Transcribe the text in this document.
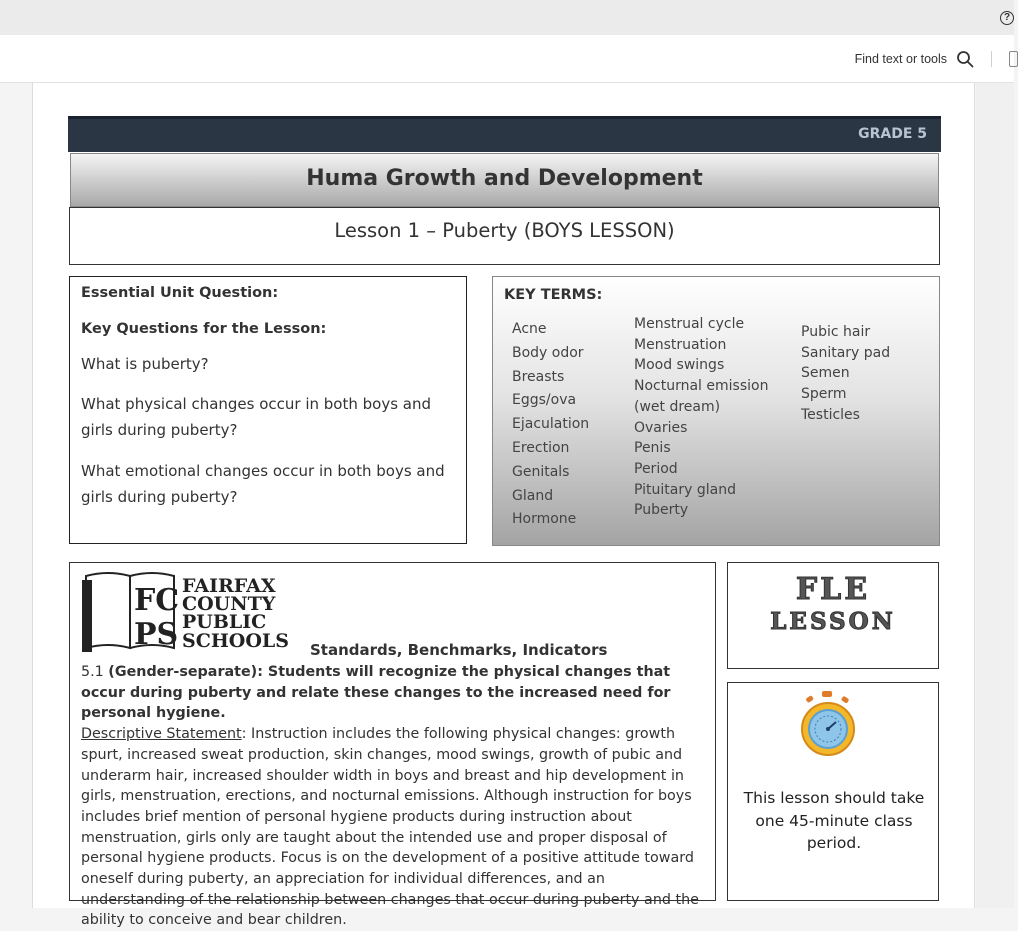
?
Find text or tools
GRADE 5
Huma Growth and Development
Lesson 1 – Puberty (BOYS LESSON)
Essential Unit Question:
Key Questions for the Lesson:
What is puberty?
What physical changes occur in both boys and girls during puberty?
What emotional changes occur in both boys and girls during puberty?
KEY TERMS:
Acne
Body odor
Breasts
Eggs/ova
Ejaculation
Erection
Genitals
Gland
Hormone
Menstrual cycle
Menstruation
Mood swings
Nocturnal emission
(wet dream)
Ovaries
Penis
Period
Pituitary gland
Puberty
Pubic hair
Sanitary pad
Semen
Sperm
Testicles
FC
PS
FAIRFAX
COUNTY
PUBLIC
SCHOOLS Standards, Benchmarks, Indicators
5.1 (Gender-separate): Students will recognize the physical changes that occur during puberty and relate these changes to the increased need for personal hygiene.
Descriptive Statement: Instruction includes the following physical changes: growth spurt, increased sweat production, skin changes, mood swings, growth of pubic and underarm hair, increased shoulder width in boys and breast and hip development in girls, menstruation, erections, and nocturnal emissions. Although instruction for boys includes brief mention of personal hygiene products during instruction about menstruation, girls only are taught about the intended use and proper disposal of personal hygiene products. Focus is on the development of a positive attitude toward oneself during puberty, an appreciation for individual differences, and an understanding of the relationship between changes that occur during puberty and the ability to conceive and bear children.
FLE
LESSON
This lesson should take one 45-minute class period.
